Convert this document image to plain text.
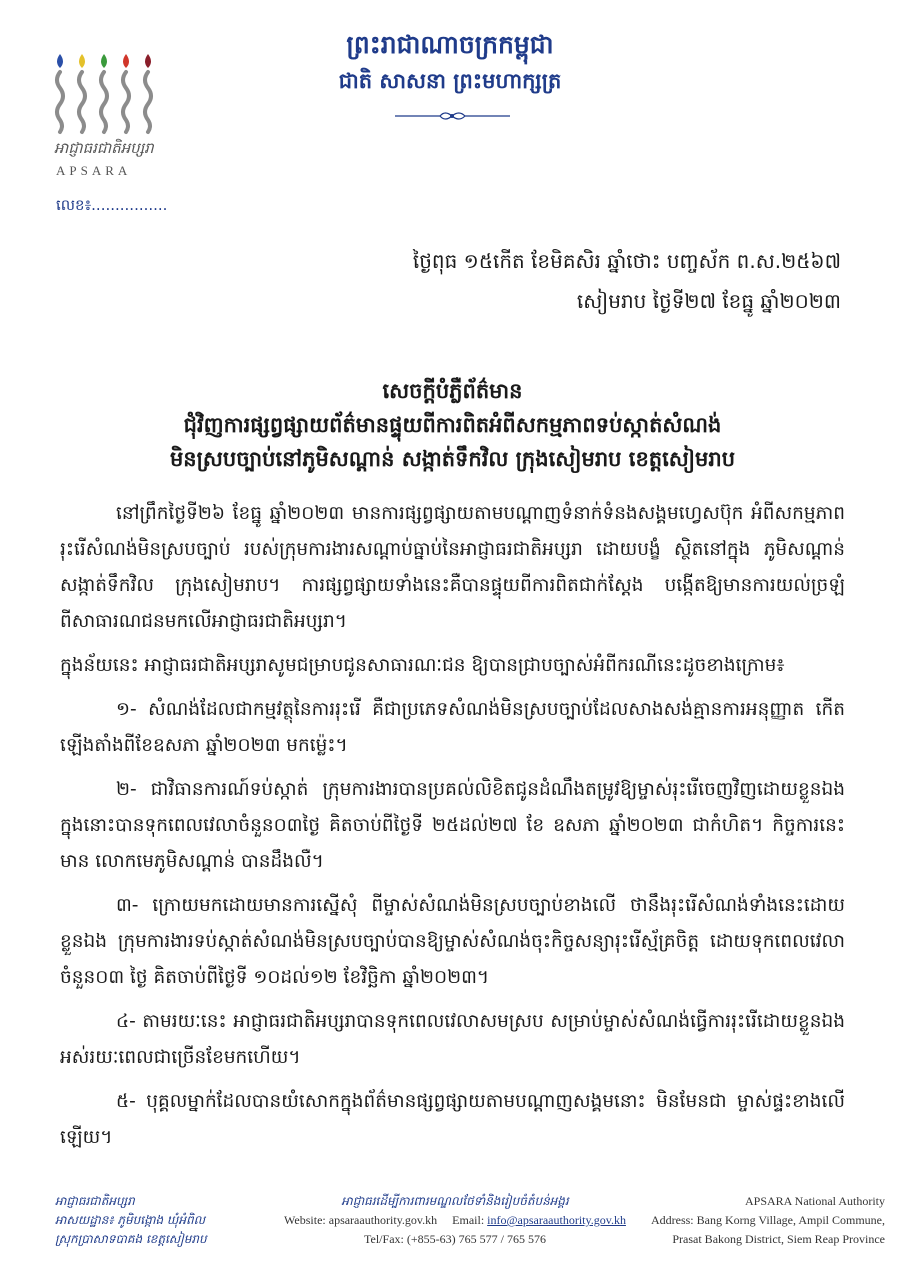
អាជ្ញាធរជាតិអប្សរា
APSARA
លេខ៖................
ព្រះរាជាណាចក្រកម្ពុជា
ជាតិ សាសនា ព្រះមហាក្សត្រ
ថ្ងៃពុធ ១៥កើត ខែមិគសិរ ឆ្នាំថោះ បញ្ចស័ក ព.ស.២៥៦៧
សៀមរាប ថ្ងៃទី២៧ ខែធ្នូ ឆ្នាំ២០២៣
សេចក្តីបំភ្លឺព័ត៌មាន
ជុំវិញការផ្សព្វផ្សាយព័ត៌មានផ្ទុយពីការពិតអំពីសកម្មភាពទប់ស្កាត់សំណង់
មិនស្របច្បាប់នៅភូមិសណ្ដាន់ សង្កាត់ទឹកវិល ក្រុងសៀមរាប ខេត្តសៀមរាប

នៅព្រឹកថ្ងៃទី២៦ ខែធ្នូ ឆ្នាំ២០២៣ មានការផ្សព្វផ្សាយតាមបណ្ដាញទំនាក់ទំនងសង្គមហ្វេសប៊ុក អំពីសកម្មភាព រុះរើសំណង់មិនស្របច្បាប់ របស់ក្រុមការងារសណ្ដាប់ធ្នាប់នៃអាជ្ញាធរជាតិអប្សរា ដោយបង្ខំ ស្ថិតនៅក្នុង ភូមិសណ្ដាន់ សង្កាត់ទឹកវិល ក្រុងសៀមរាប។ ការផ្សព្វផ្សាយទាំងនេះគឺបានផ្ទុយពីការពិតជាក់ស្ដែង បង្កើតឱ្យមានការយល់ច្រឡំពីសាធារណជនមកលើអាជ្ញាធរជាតិអប្សរា។

ក្នុងន័យនេះ អាជ្ញាធរជាតិអប្សរាសូមជម្រាបជូនសាធារណៈជន ឱ្យបានជ្រាបច្បាស់អំពីករណីនេះដូចខាងក្រោម៖

១- សំណង់ដែលជាកម្មវត្ថុនៃការរុះរើ គឺជាប្រភេទសំណង់មិនស្របច្បាប់ដែលសាងសង់គ្មានការអនុញ្ញាត កើតឡើងតាំងពីខែឧសភា ឆ្នាំ២០២៣ មកម្ល៉េះ។

២- ជាវិធានការណ៍ទប់ស្កាត់ ក្រុមការងារបានប្រគល់លិខិតជូនដំណឹងតម្រូវឱ្យម្ចាស់រុះរើចេញវិញដោយខ្លួនឯង ក្នុងនោះបានទុកពេលវេលាចំនួន០៣ថ្ងៃ គិតចាប់ពីថ្ងៃទី ២៥ដល់២៧ ខែ ឧសភា ឆ្នាំ២០២៣ ជាកំហិត។ កិច្ចការនេះមាន លោកមេភូមិសណ្ដាន់ បានដឹងលឺ។

៣- ក្រោយមកដោយមានការស្នើសុំ ពីម្ចាស់សំណង់មិនស្របច្បាប់ខាងលើ ថានឹងរុះរើសំណង់ទាំងនេះដោយខ្លួនឯង ក្រុមការងារទប់ស្កាត់សំណង់មិនស្របច្បាប់បានឱ្យម្ចាស់សំណង់ចុះកិច្ចសន្យារុះរើស្ម័គ្រចិត្ត ដោយទុកពេលវេលា ចំនួន០៣ ថ្ងៃ គិតចាប់ពីថ្ងៃទី ១០ដល់១២ ខែវិច្ឆិកា ឆ្នាំ២០២៣។

៤- តាមរយៈនេះ អាជ្ញាធរជាតិអប្សរាបានទុកពេលវេលាសមស្រប សម្រាប់ម្ចាស់សំណង់ធ្វើការរុះរើដោយខ្លួនឯងអស់រយៈពេលជាច្រើនខែមកហើយ។

៥- បុគ្គលម្នាក់ដែលបានយំសោកក្នុងព័ត៌មានផ្សព្វផ្សាយតាមបណ្ដាញសង្គមនោះ មិនមែនជា ម្ចាស់ផ្ទះខាងលើឡើយ។

អាជ្ញាធរជាតិអប្សរា
អាសយដ្ឋាន៖ ភូមិបង្កោង ឃុំអំពិល
ស្រុកប្រាសាទបាគង ខេត្តសៀមរាប
អាជ្ញាធរដើម្បីការពារមណ្ឌលថែទាំនិងរៀបចំតំបន់អង្គរ
Website: apsaraauthority.gov.kh Email: info@apsaraauthority.gov.kh
Tel/Fax: (+855-63) 765 577 / 765 576
APSARA National Authority
Address: Bang Korng Village, Ampil Commune,
Prasat Bakong District, Siem Reap Province
